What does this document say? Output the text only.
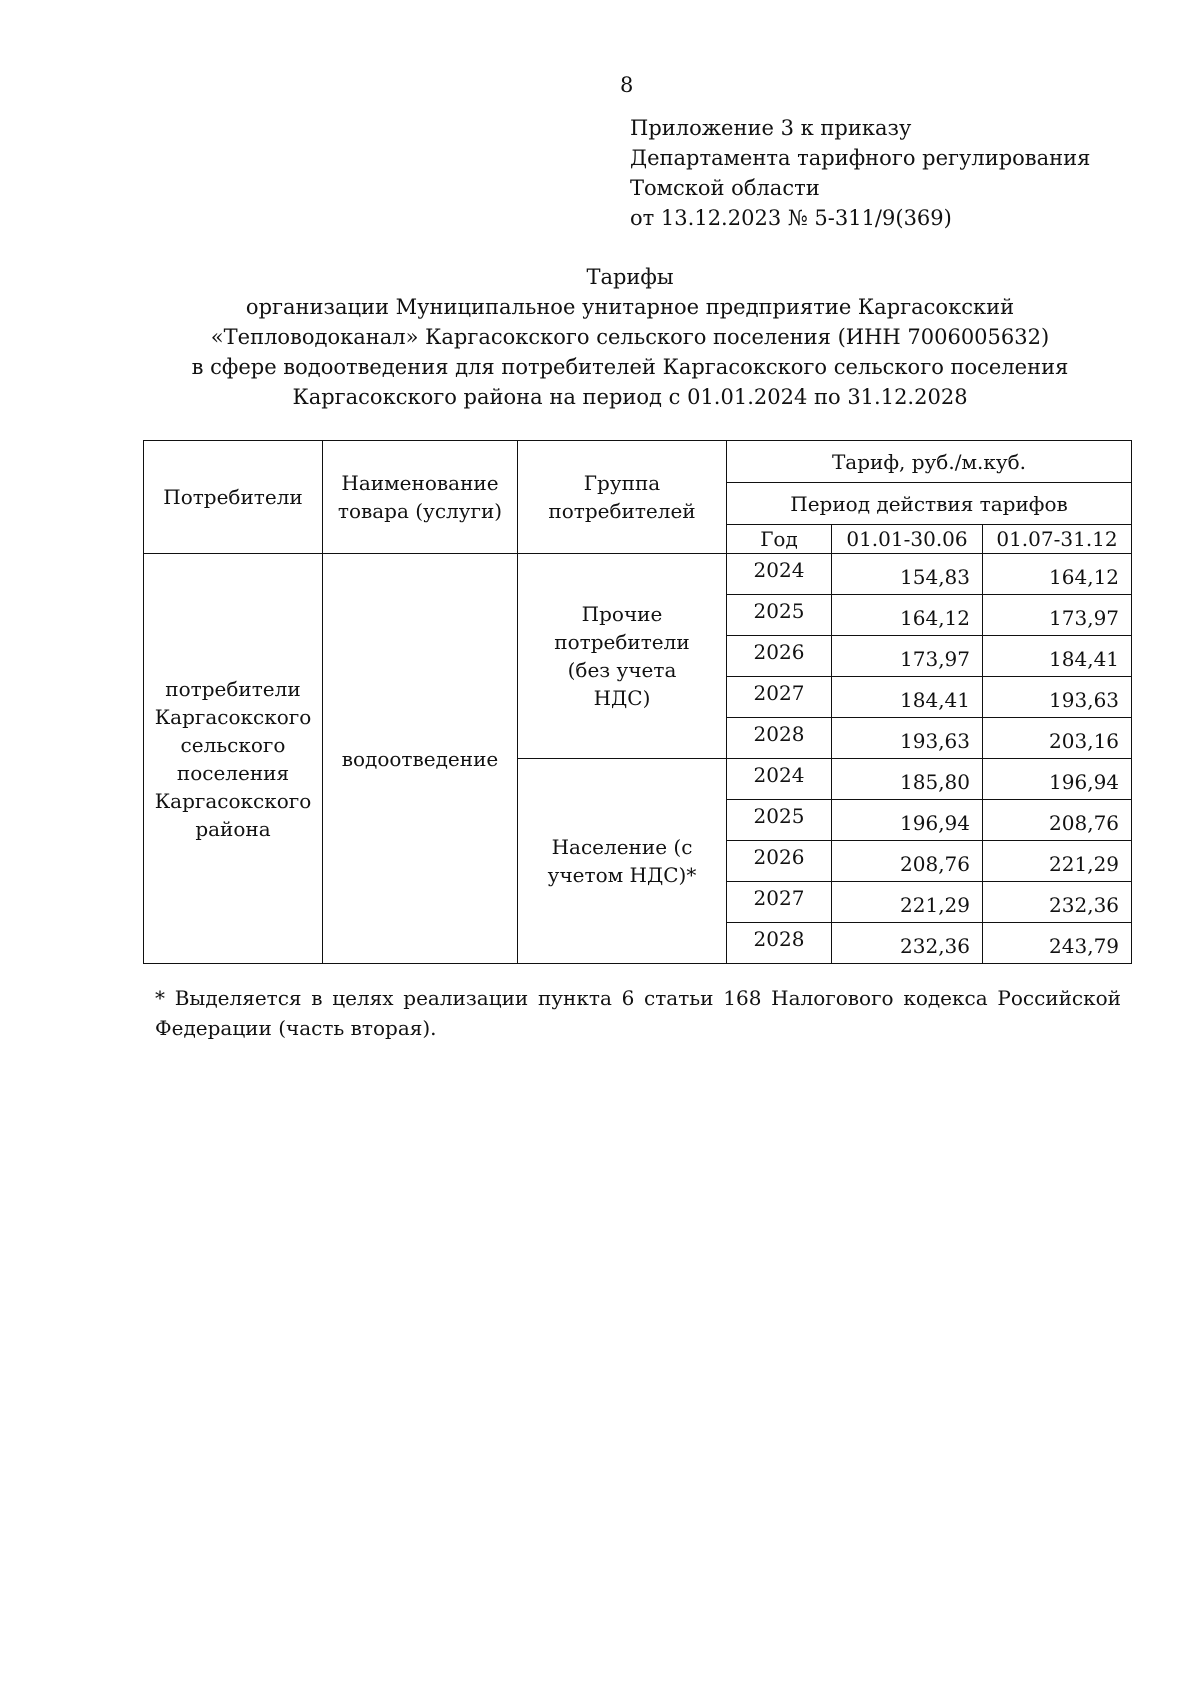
8
Приложение 3 к приказу
Департамента тарифного регулирования
Томской области
от 13.12.2023 № 5-311/9(369)
Тарифы
организации Муниципальное унитарное предприятие Каргасокский
«Тепловодоканал» Каргасокского сельского поселения (ИНН 7006005632)
в сфере водоотведения для потребителей Каргасокского сельского поселения
Каргасокского района на период с 01.01.2024 по 31.12.2028
Потребители	Наименование товара (услуги)	Группа потребителей	Тариф, руб./м.куб.		
			Период действия тарифов		
			Год	01.01-30.06	01.07-31.12
потребители Каргасокского сельского поселения Каргасокского района	водоотведение	Прочие потребители (без учета НДС)	2024	154,83	164,12
			2025	164,12	173,97
			2026	173,97	184,41
			2027	184,41	193,63
			2028	193,63	203,16
		Население (с учетом НДС)*	2024	185,80	196,94
			2025	196,94	208,76
			2026	208,76	221,29
			2027	221,29	232,36
			2028	232,36	243,79
* Выделяется в целях реализации пункта 6 статьи 168 Налогового кодекса Российской Федерации (часть вторая).
